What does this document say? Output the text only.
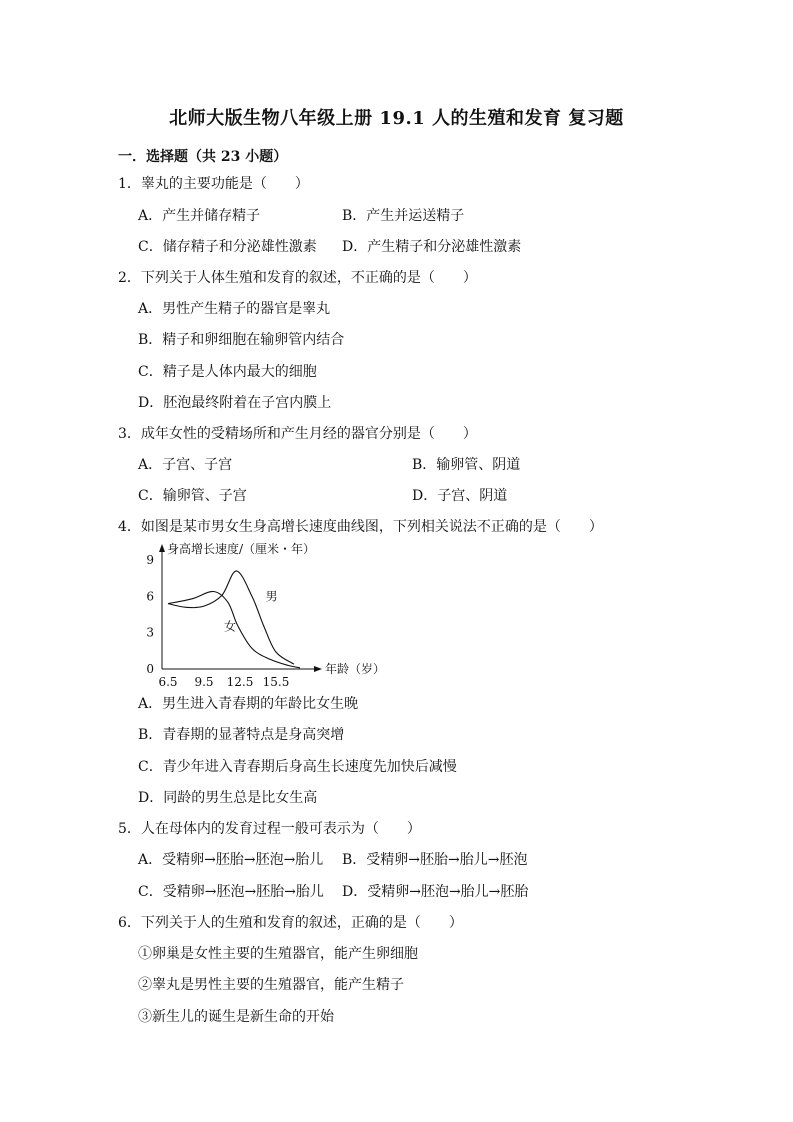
北师大版生物八年级上册 19.1 人的生殖和发育 复习题
一．选择题（共 23 小题）
1．睾丸的主要功能是（　　）
A．产生并储存精子	B．产生并运送精子
C．储存精子和分泌雄性激素 D．产生精子和分泌雄性激素
2．下列关于人体生殖和发育的叙述，不正确的是（　　）
A．男性产生精子的器官是睾丸
B．精子和卵细胞在输卵管内结合
C．精子是人体内最大的细胞
D．胚泡最终附着在子宫内膜上
3．成年女性的受精场所和产生月经的器官分别是（　　）
A．子宫、子宫	B．输卵管、阴道
C．输卵管、子宫	D．子宫、阴道
4．如图是某市男女生身高增长速度曲线图，下列相关说法不正确的是（　　）
身高增长速度/（厘米・年）
年龄（岁）
0
3
6
9
6.5 9.5 12.5 15.5
男
女
A．男生进入青春期的年龄比女生晚
B．青春期的显著特点是身高突增
C．青少年进入青春期后身高生长速度先加快后减慢
D．同龄的男生总是比女生高
5．人在母体内的发育过程一般可表示为（　　）
A．受精卵→胚胎→胚泡→胎儿 B．受精卵→胚胎→胎儿→胚泡
C．受精卵→胚泡→胚胎→胎儿 D．受精卵→胚泡→胎儿→胚胎
6．下列关于人的生殖和发育的叙述，正确的是（　　）
①卵巢是女性主要的生殖器官，能产生卵细胞
②睾丸是男性主要的生殖器官，能产生精子
③新生儿的诞生是新生命的开始
